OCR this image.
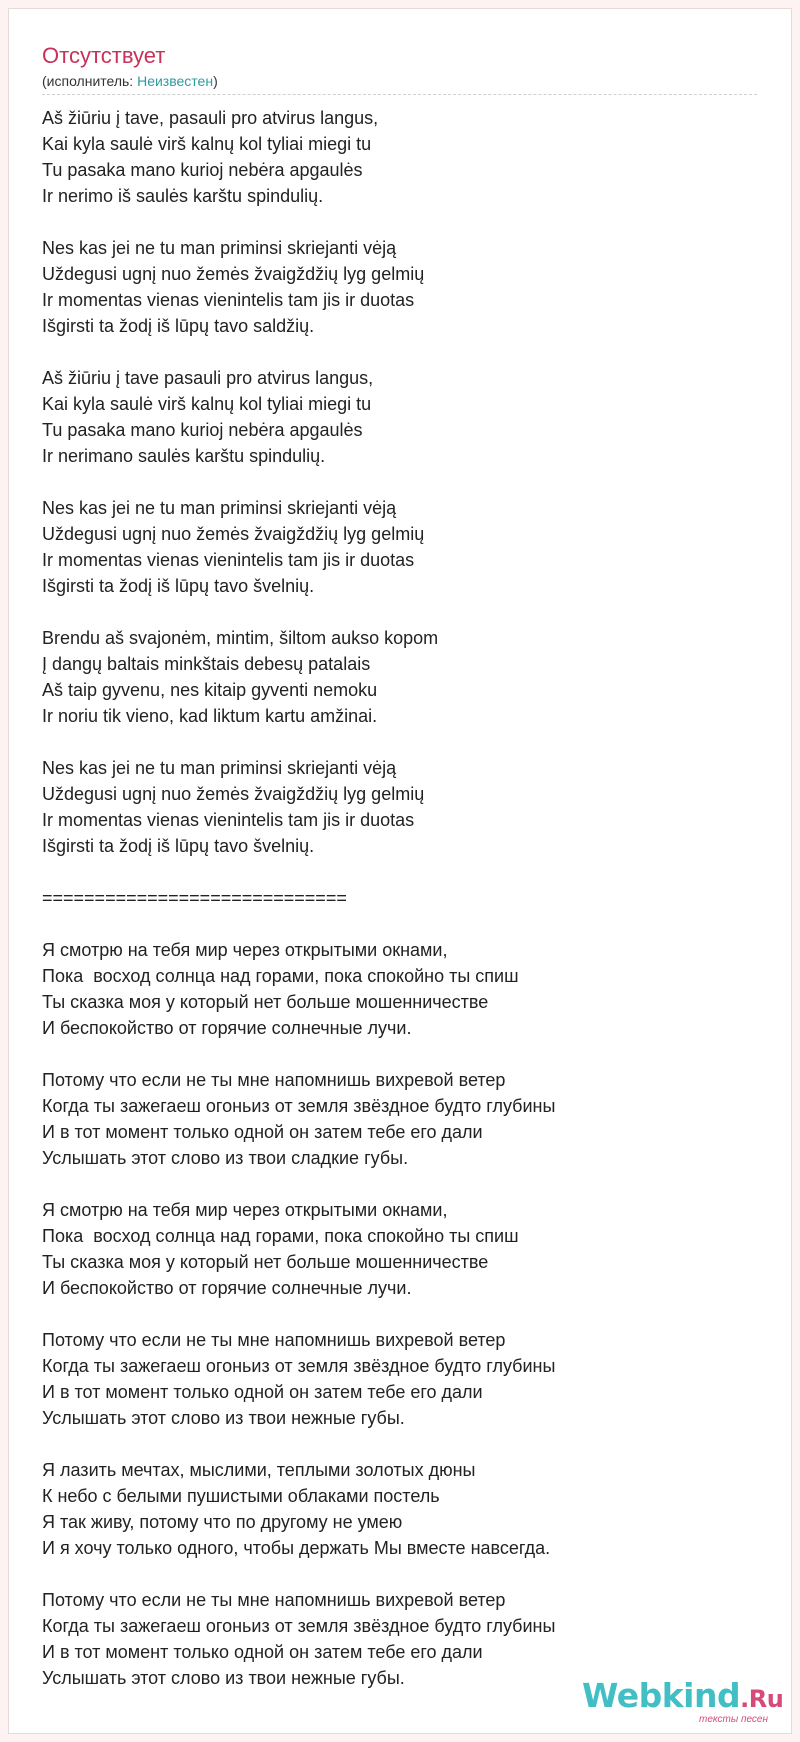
Отсутствует
(исполнитель: Неизвестен)
Aš žiūriu į tave, pasauli pro atvirus langus,
Kai kyla saulė virš kalnų kol tyliai miegi tu
Tu pasaka mano kurioj nebėra apgaulės
Ir nerimo iš saulės karštu spindulių.
Nes kas jei ne tu man priminsi skriejanti vėją
Uždegusi ugnį nuo žemės žvaigždžių lyg gelmių
Ir momentas vienas vienintelis tam jis ir duotas
Išgirsti ta žodį iš lūpų tavo saldžių.
Aš žiūriu į tave pasauli pro atvirus langus,
Kai kyla saulė virš kalnų kol tyliai miegi tu
Tu pasaka mano kurioj nebėra apgaulės
Ir nerimano saulės karštu spindulių.
Nes kas jei ne tu man priminsi skriejanti vėją
Uždegusi ugnį nuo žemės žvaigždžių lyg gelmių
Ir momentas vienas vienintelis tam jis ir duotas
Išgirsti ta žodį iš lūpų tavo švelnių.
Brendu aš svajonėm, mintim, šiltom aukso kopom
Į dangų baltais minkštais debesų patalais
Aš taip gyvenu, nes kitaip gyventi nemoku
Ir noriu tik vieno, kad liktum kartu amžinai.
Nes kas jei ne tu man priminsi skriejanti vėją
Uždegusi ugnį nuo žemės žvaigždžių lyg gelmių
Ir momentas vienas vienintelis tam jis ir duotas
Išgirsti ta žodį iš lūpų tavo švelnių.
=============================
Я смотрю на тебя мир через открытыми окнами,
Пока  восход солнца над горами, пока спокойно ты спиш
Ты сказка моя у который нет больше мошенничестве
И беспокойство от горячие солнечные лучи.
Потому что если не ты мне напомнишь вихревой ветер
Когда ты зажегаеш огоньиз от земля звёздное будто глубины
И в тот момент только одной он затем тебе его дали
Услышать этот слово из твои сладкие губы.
Я смотрю на тебя мир через открытыми окнами,
Пока  восход солнца над горами, пока спокойно ты спиш
Ты сказка моя у который нет больше мошенничестве
И беспокойство от горячие солнечные лучи.
Потому что если не ты мне напомнишь вихревой ветер
Когда ты зажегаеш огоньиз от земля звёздное будто глубины
И в тот момент только одной он затем тебе его дали
Услышать этот слово из твои нежные губы.
Я лазить мечтах, мыслими, теплыми золотых дюны
К небо с белыми пушистыми облаками постель
Я так живу, потому что по другому не умею
И я хочу только одного, чтобы держать Мы вместе навсегда.
Потому что если не ты мне напомнишь вихревой ветер
Когда ты зажегаеш огоньиз от земля звёздное будто глубины
И в тот момент только одной он затем тебе его дали
Услышать этот слово из твои нежные губы.	Webkind.Ru
тексты песен
